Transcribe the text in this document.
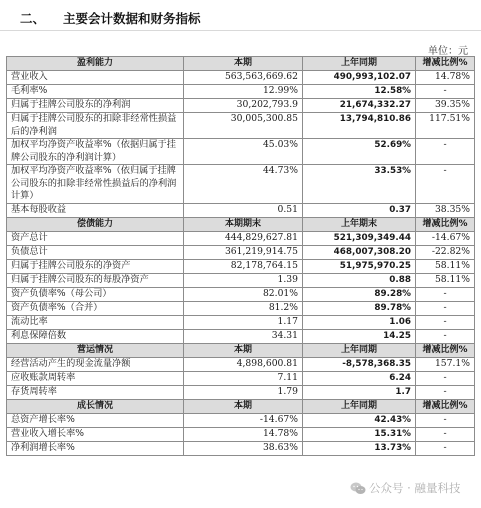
二、 主要会计数据和财务指标
单位：元
盈利能力	本期	上年同期	增减比例%
营业收入	563,563,669.62	490,993,102.07	14.78%
毛利率%	12.99%	12.58%	-
归属于挂牌公司股东的净利润	30,202,793.9	21,674,332.27	39.35%
归属于挂牌公司股东的扣除非经常性损益后的净利润	30,005,300.85	13,794,810.86	117.51%
加权平均净资产收益率%（依据归属于挂牌公司股东的净利润计算）	45.03%	52.69%	-
加权平均净资产收益率%（依归属于挂牌公司股东的扣除非经常性损益后的净利润计算）	44.73%	33.53%	-
基本每股收益	0.51	0.37	38.35%
偿债能力	本期期末	上年期末	增减比例%
资产总计	444,829,627.81	521,309,349.44	-14.67%
负债总计	361,219,914.75	468,007,308.20	-22.82%
归属于挂牌公司股东的净资产	82,178,764.15	51,975,970.25	58.11%
归属于挂牌公司股东的每股净资产	1.39	0.88	58.11%
资产负债率%（母公司）	82.01%	89.28%	-
资产负债率%（合并）	81.2%	89.78%	-
流动比率	1.17	1.06	-
利息保障倍数	34.31	14.25	-
营运情况	本期	上年同期	增减比例%
经营活动产生的现金流量净额	4,898,600.81	-8,578,368.35	157.1%
应收账款周转率	7.11	6.24	-
存货周转率	1.79	1.7	-
成长情况	本期	上年同期	增减比例%
总资产增长率%	-14.67%	42.43%	-
营业收入增长率%	14.78%	15.31%	-
净利润增长率%	38.63%	13.73%	-
公众号 · 融量科技
